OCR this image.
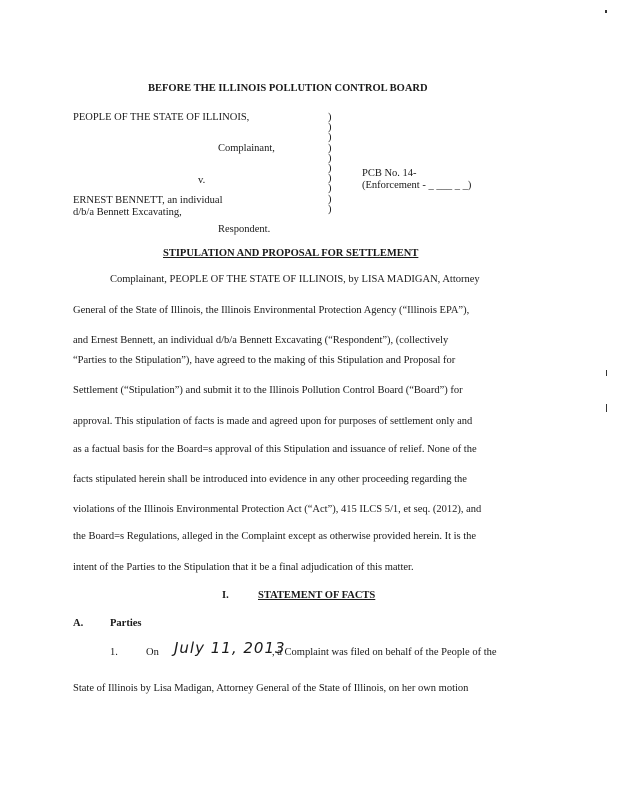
BEFORE THE ILLINOIS POLLUTION CONTROL BOARD
PEOPLE OF THE STATE OF ILLINOIS,
Complainant,
v.
ERNEST BENNETT, an individual
d/b/a Bennett Excavating,
Respondent.
)
)
)
)
)
)
)
)
)
)
PCB No. 14-
(Enforcement - _ ___ _ _)
STIPULATION AND PROPOSAL FOR SETTLEMENT
Complainant, PEOPLE OF THE STATE OF ILLINOIS, by LISA MADIGAN, Attorney
General of the State of Illinois, the Illinois Environmental Protection Agency (“Illinois EPA”),
and Ernest Bennett, an individual d/b/a Bennett Excavating (“Respondent”), (collectively
“Parties to the Stipulation”), have agreed to the making of this Stipulation and Proposal for
Settlement (“Stipulation”) and submit it to the Illinois Pollution Control Board (“Board”) for
approval. This stipulation of facts is made and agreed upon for purposes of settlement only and
as a factual basis for the Board=s approval of this Stipulation and issuance of relief. None of the
facts stipulated herein shall be introduced into evidence in any other proceeding regarding the
violations of the Illinois Environmental Protection Act (“Act”), 415 ILCS 5/1, et seq. (2012), and
the Board=s Regulations, alleged in the Complaint except as otherwise provided herein. It is the
intent of the Parties to the Stipulation that it be a final adjudication of this matter.
I.	STATEMENT OF FACTS
A.	Parties
1.	On July 11, 2013
, a Complaint was filed on behalf of the People of the
State of Illinois by Lisa Madigan, Attorney General of the State of Illinois, on her own motion
